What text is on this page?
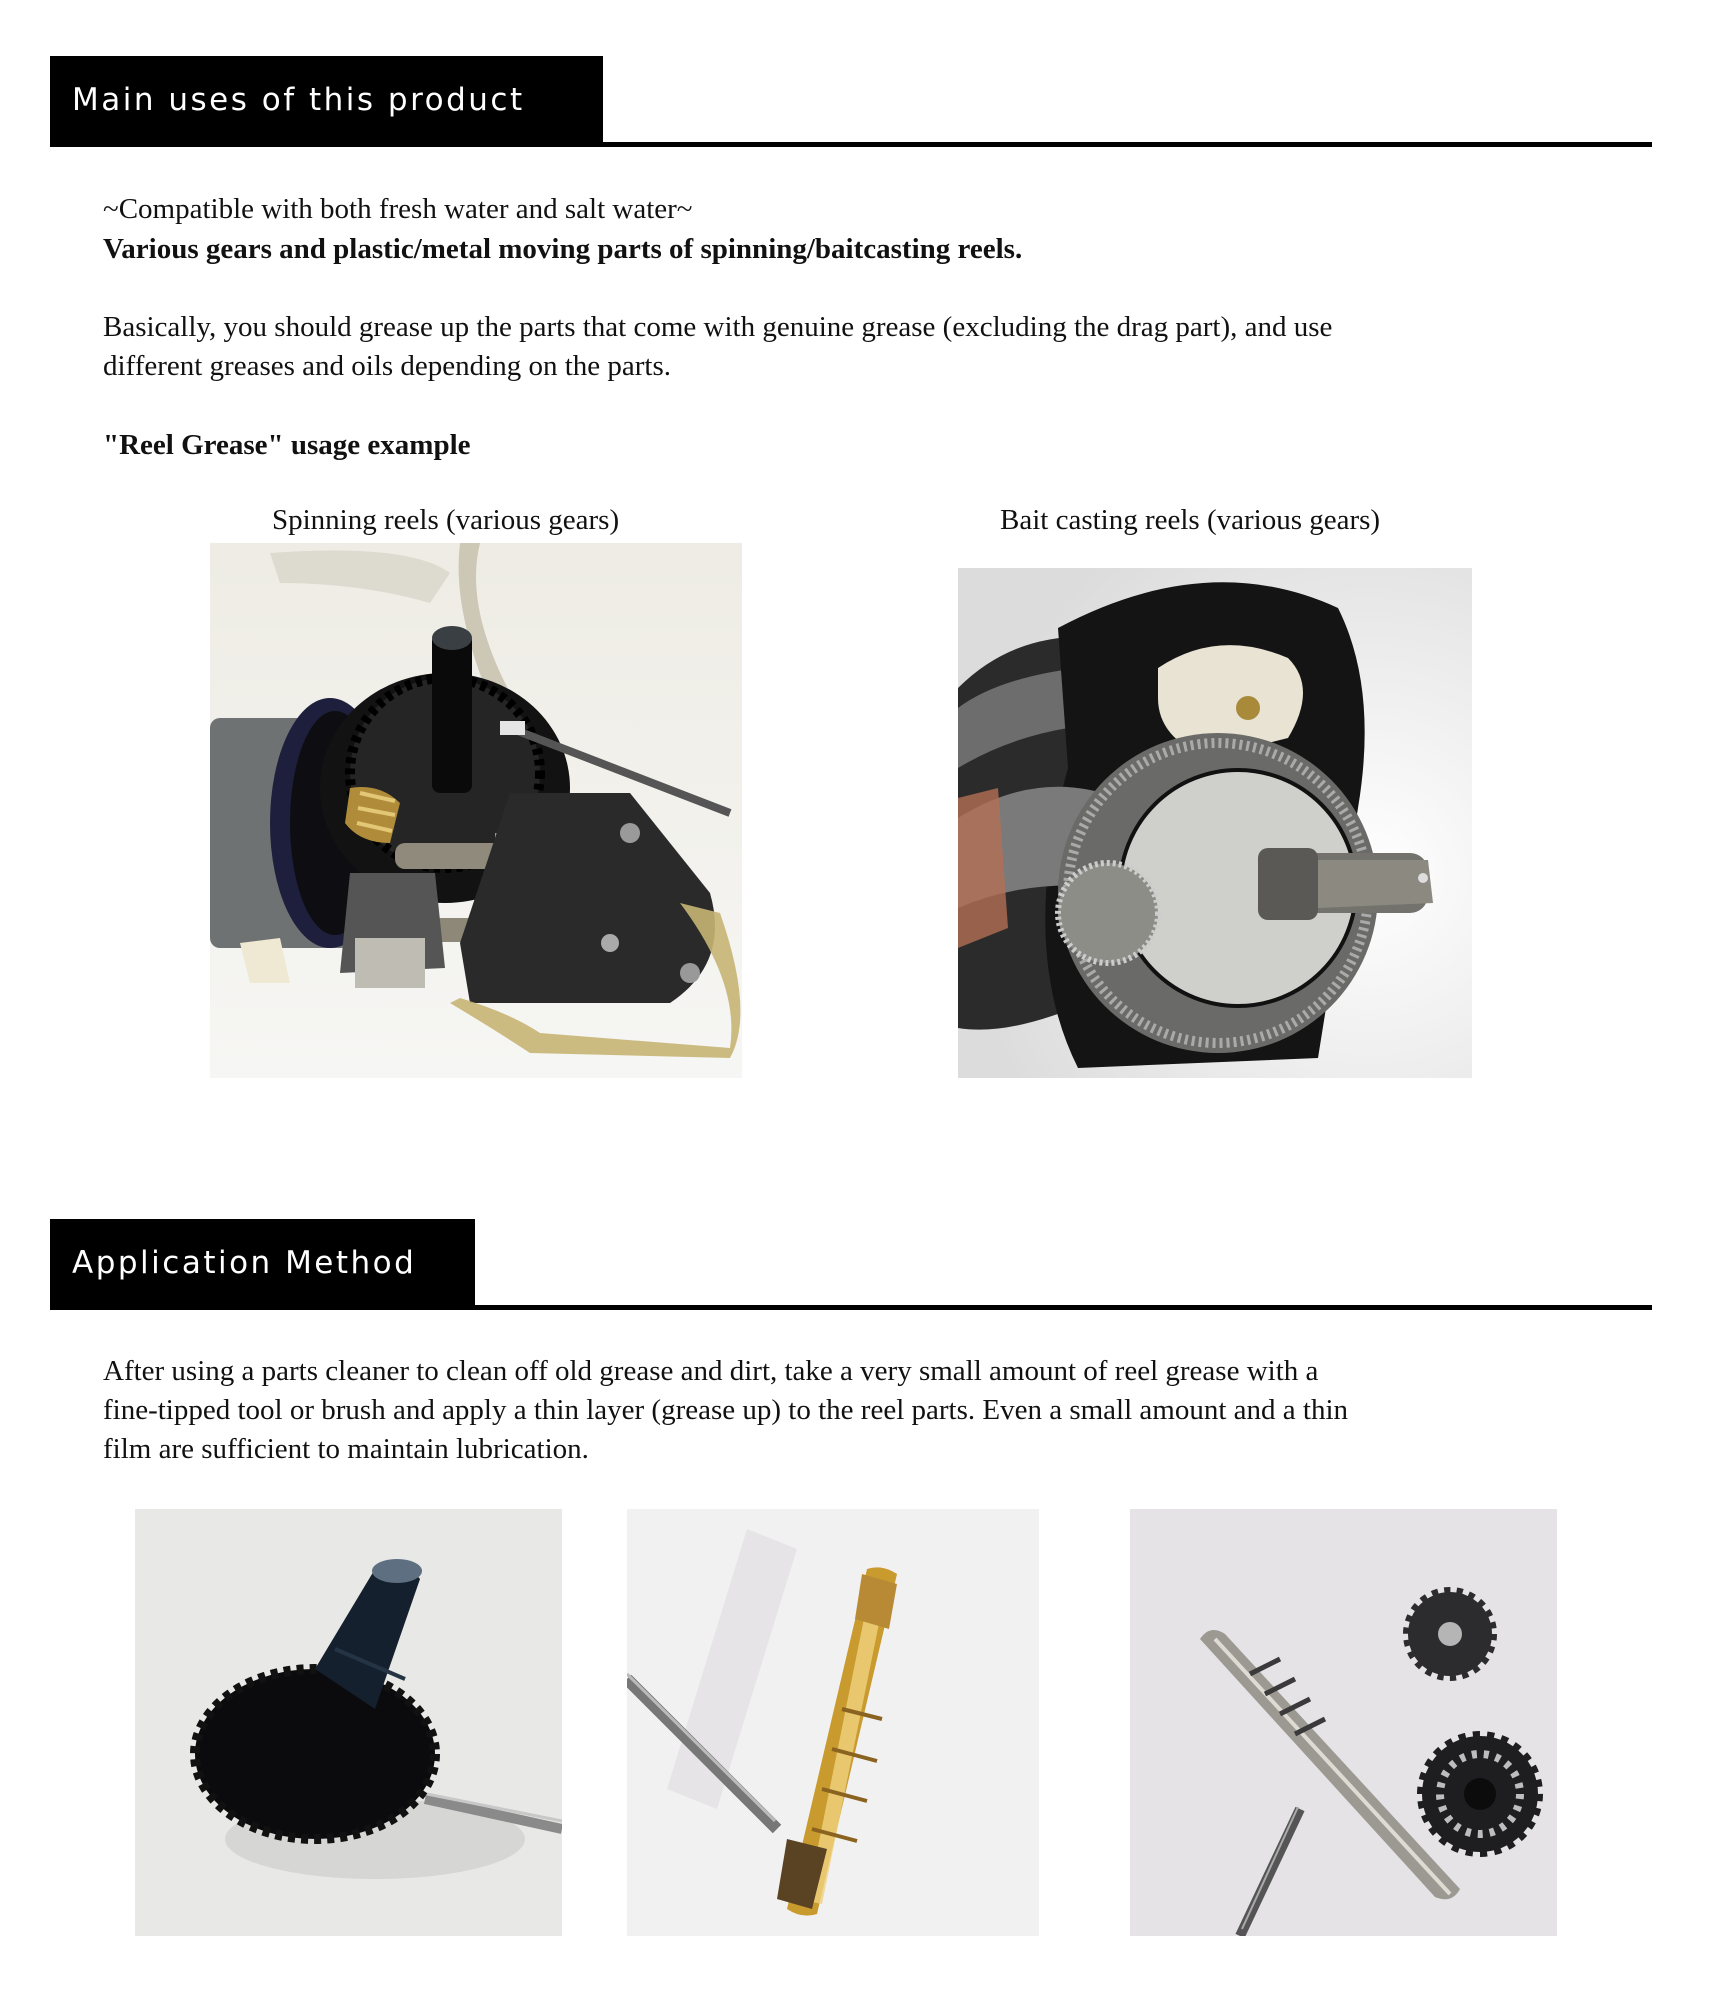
Main uses of this product
~Compatible with both fresh water and salt water~
Various gears and plastic/metal moving parts of spinning/baitcasting reels.
Basically, you should grease up the parts that come with genuine grease (excluding the drag part), and use
different greases and oils depending on the parts.
"Reel Grease" usage example
Spinning reels (various gears)	Bait casting reels (various gears)
Application Method
After using a parts cleaner to clean off old grease and dirt, take a very small amount of reel grease with a
fine-tipped tool or brush and apply a thin layer (grease up) to the reel parts. Even a small amount and a thin
film are sufficient to maintain lubrication.
